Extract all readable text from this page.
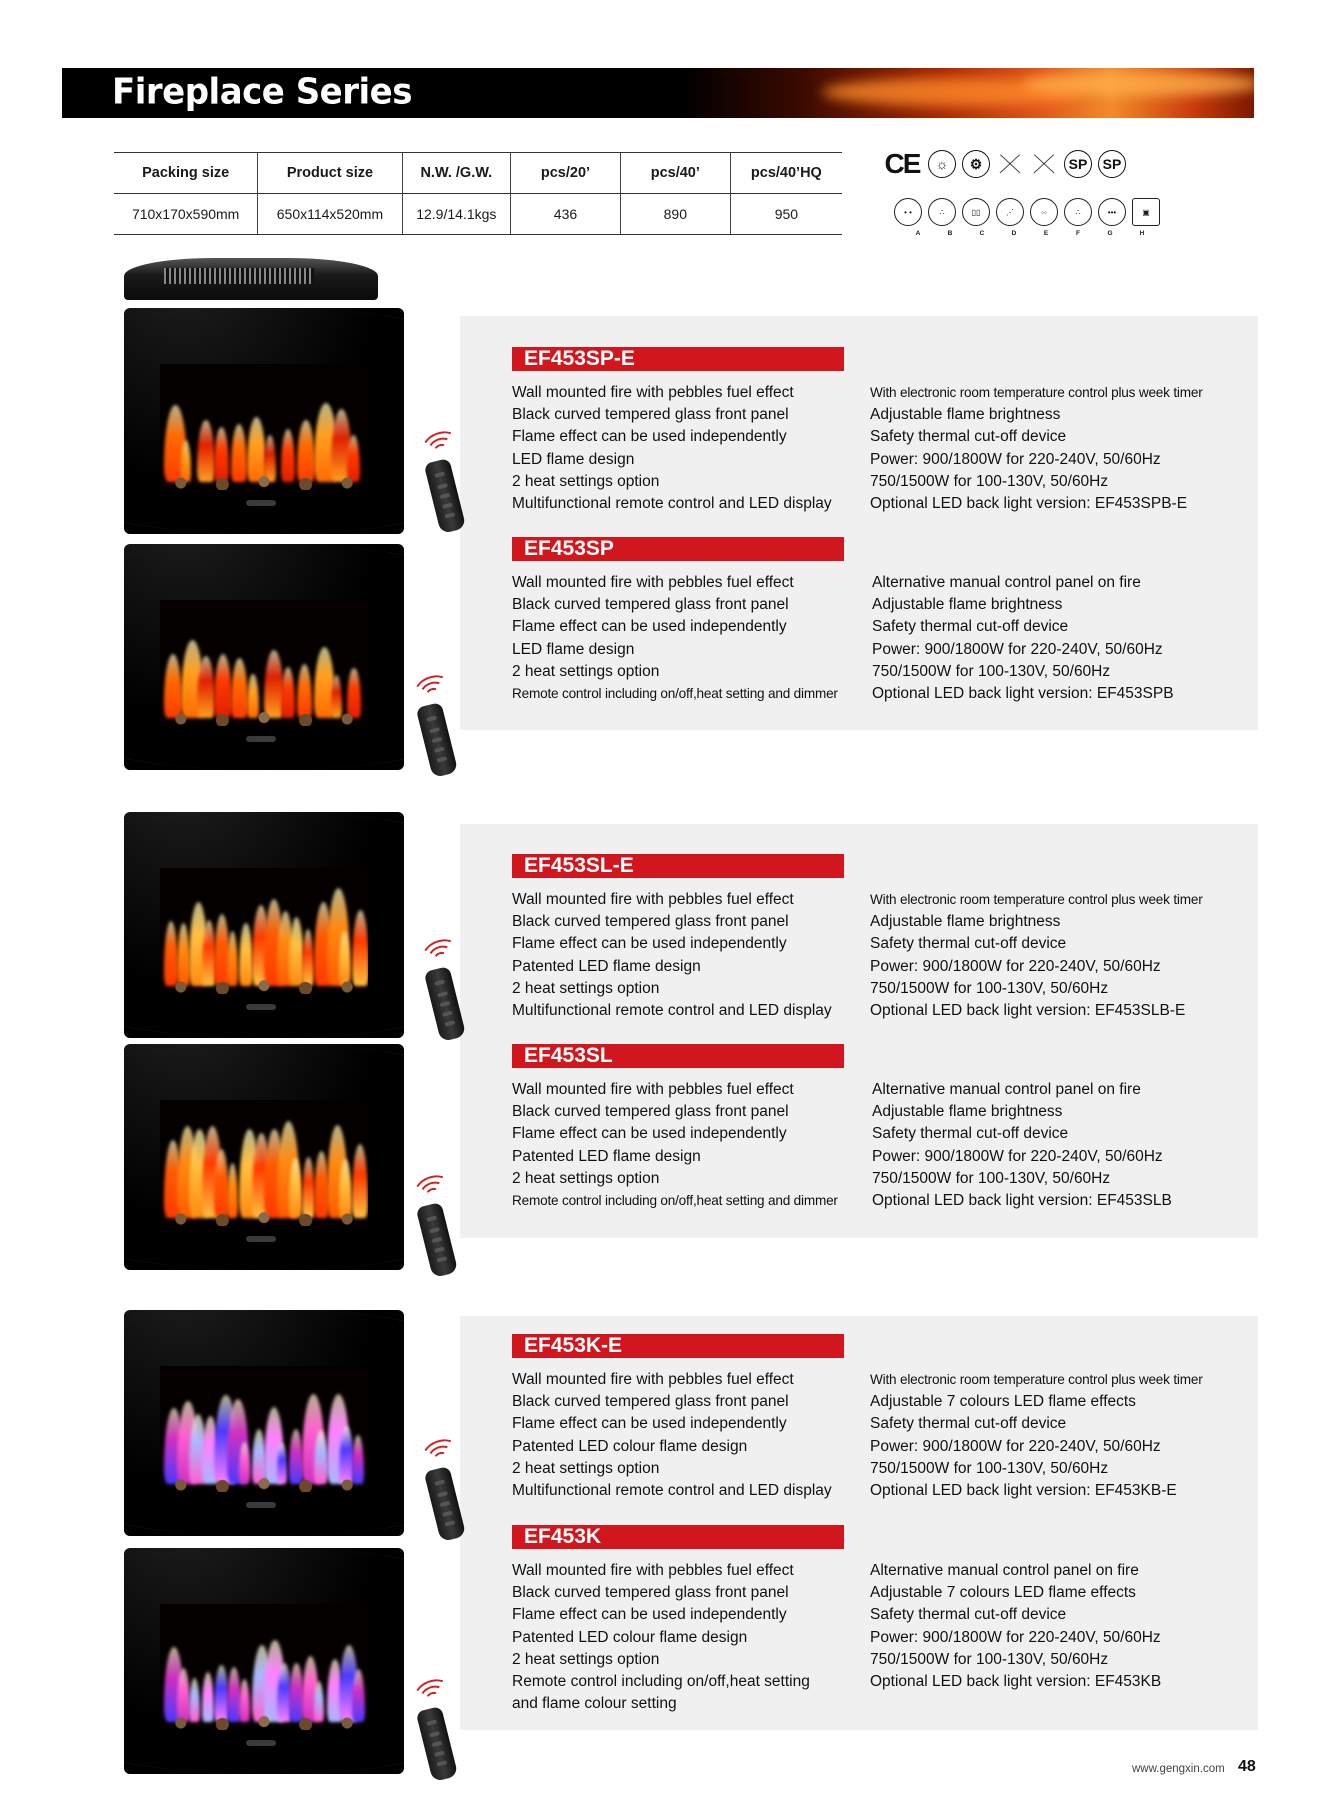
Fireplace Series
Packing size	Product size	N.W. /G.W.	pcs/20’	pcs/40’	pcs/40’HQ
710x170x590mm	650x114x520mm	12.9/14.1kgs	436	890	950
CE	☼	⚙	SP	SP
• •	∴	▯▯	⋰	◦◦	∴	•••	▣
A	B	C	D	E	F	G	H
EF453SP-E
Wall mounted fire with pebbles fuel effect
Black curved tempered glass front panel
Flame effect can be used independently
LED flame design
2 heat settings option
Multifunctional remote control and LED display
With electronic room temperature control plus week timer
Adjustable flame brightness
Safety thermal cut-off device
Power: 900/1800W for 220-240V, 50/60Hz
750/1500W for 100-130V, 50/60Hz
Optional LED back light version: EF453SPB-E
EF453SP
Wall mounted fire with pebbles fuel effect
Black curved tempered glass front panel
Flame effect can be used independently
LED flame design
2 heat settings option
Remote control including on/off,heat setting and dimmer
Alternative manual control panel on fire
Adjustable flame brightness
Safety thermal cut-off device
Power: 900/1800W for 220-240V, 50/60Hz
750/1500W for 100-130V, 50/60Hz
Optional LED back light version: EF453SPB
EF453SL-E
Wall mounted fire with pebbles fuel effect
Black curved tempered glass front panel
Flame effect can be used independently
Patented LED flame design
2 heat settings option
Multifunctional remote control and LED display
With electronic room temperature control plus week timer
Adjustable flame brightness
Safety thermal cut-off device
Power: 900/1800W for 220-240V, 50/60Hz
750/1500W for 100-130V, 50/60Hz
Optional LED back light version: EF453SLB-E
EF453SL
Wall mounted fire with pebbles fuel effect
Black curved tempered glass front panel
Flame effect can be used independently
Patented LED flame design
2 heat settings option
Remote control including on/off,heat setting and dimmer
Alternative manual control panel on fire
Adjustable flame brightness
Safety thermal cut-off device
Power: 900/1800W for 220-240V, 50/60Hz
750/1500W for 100-130V, 50/60Hz
Optional LED back light version: EF453SLB
EF453K-E
Wall mounted fire with pebbles fuel effect
Black curved tempered glass front panel
Flame effect can be used independently
Patented LED colour flame design
2 heat settings option
Multifunctional remote control and LED display
With electronic room temperature control plus week timer
Adjustable 7 colours LED flame effects
Safety thermal cut-off device
Power: 900/1800W for 220-240V, 50/60Hz
750/1500W for 100-130V, 50/60Hz
Optional LED back light version: EF453KB-E
EF453K
Wall mounted fire with pebbles fuel effect
Black curved tempered glass front panel
Flame effect can be used independently
Patented LED colour flame design
2 heat settings option
Remote control including on/off,heat setting
and flame colour setting
Alternative manual control panel on fire
Adjustable 7 colours LED flame effects
Safety thermal cut-off device
Power: 900/1800W for 220-240V, 50/60Hz
750/1500W for 100-130V, 50/60Hz
Optional LED back light version: EF453KB
www.gengxin.com 48
